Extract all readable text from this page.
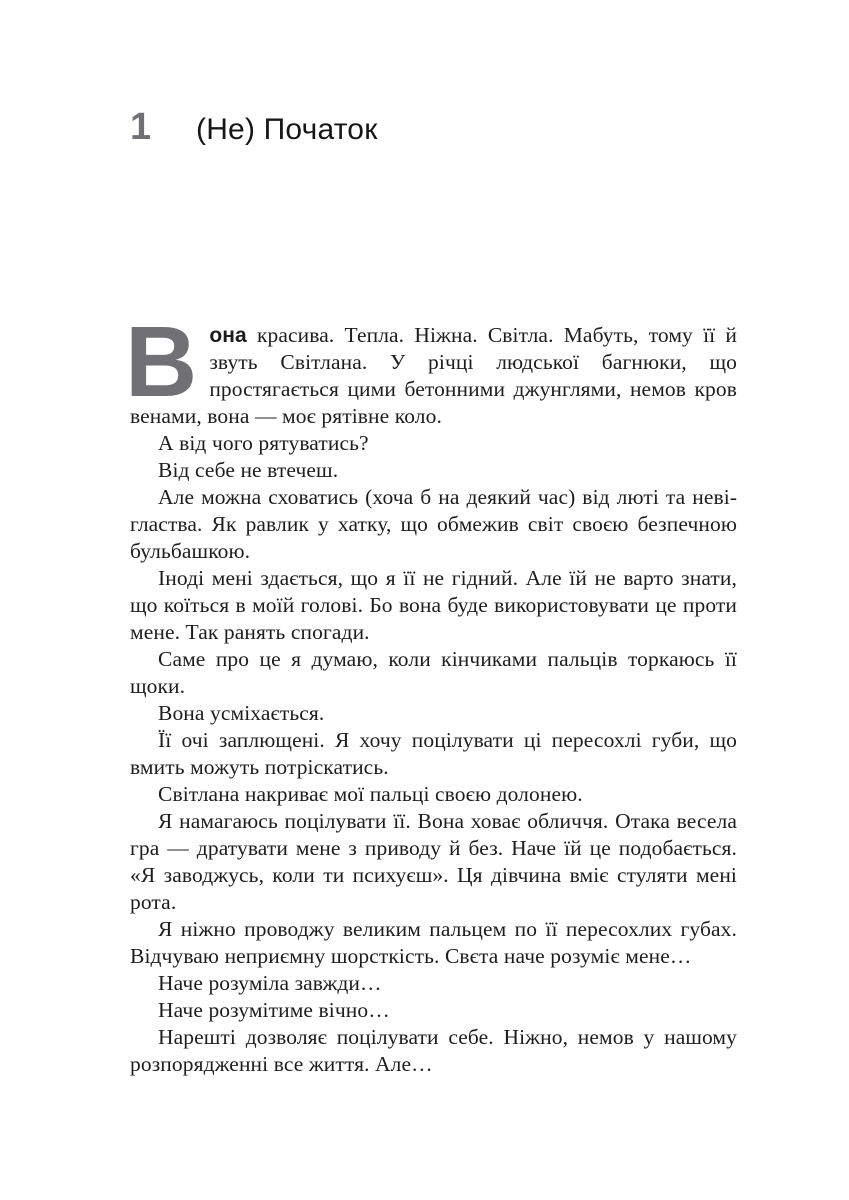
1	(Не) Початок

Вона красива. Тепла. Ніжна. Світла. Мабуть, тому її й звуть Світлана. У річці людської багнюки, що простягається цими бетонними джунглями, немов кров венами, вона — моє рятівне коло.

А від чого рятуватись?

Від себе не втечеш.

Але можна сховатись (хоча б на деякий час) від люті та невігластва. Як равлик у хатку, що обмежив світ своєю безпечною бульбашкою.

Іноді мені здається, що я її не гідний. Але їй не варто знати, що коїться в моїй голові. Бо вона буде використовувати це проти мене. Так ранять спогади.

Саме про це я думаю, коли кінчиками пальців торкаюсь її щоки.

Вона усміхається.

Її очі заплющені. Я хочу поцілувати ці пересохлі губи, що вмить можуть потріскатись.

Світлана накриває мої пальці своєю долонею.

Я намагаюсь поцілувати її. Вона ховає обличчя. Отака весела гра — дратувати мене з приводу й без. Наче їй це подобається. «Я заводжусь, коли ти психуєш». Ця дівчина вміє стуляти мені рота.

Я ніжно проводжу великим пальцем по її пересохлих губах. Відчуваю неприємну шорсткість. Свєта наче розуміє мене…

Наче розуміла завжди…

Наче розумітиме вічно…

Нарешті дозволяє поцілувати себе. Ніжно, немов у нашому розпорядженні все життя. Але…
